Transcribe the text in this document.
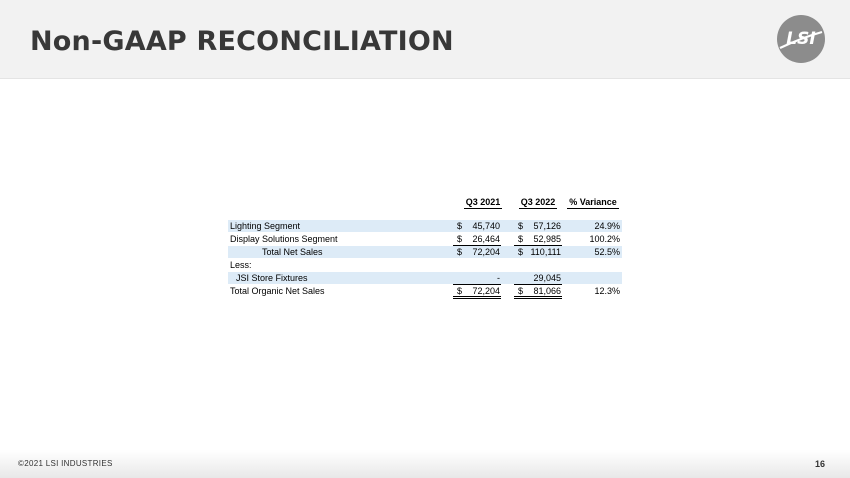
Non-GAAP RECONCILIATION	LSI
Q3 2021	Q3 2022	% Variance
Lighting Segment	$	45,740 $	57,126	24.9%
Display Solutions Segment	$	26,464 $	52,985	100.2%
Total Net Sales	$	72,204 $ 110,111	52.5%
Less:
JSI Store Fixtures	-	29,045
Total Organic Net Sales	$	72,204 $	81,066	12.3%
©2021 LSI INDUSTRIES	16
